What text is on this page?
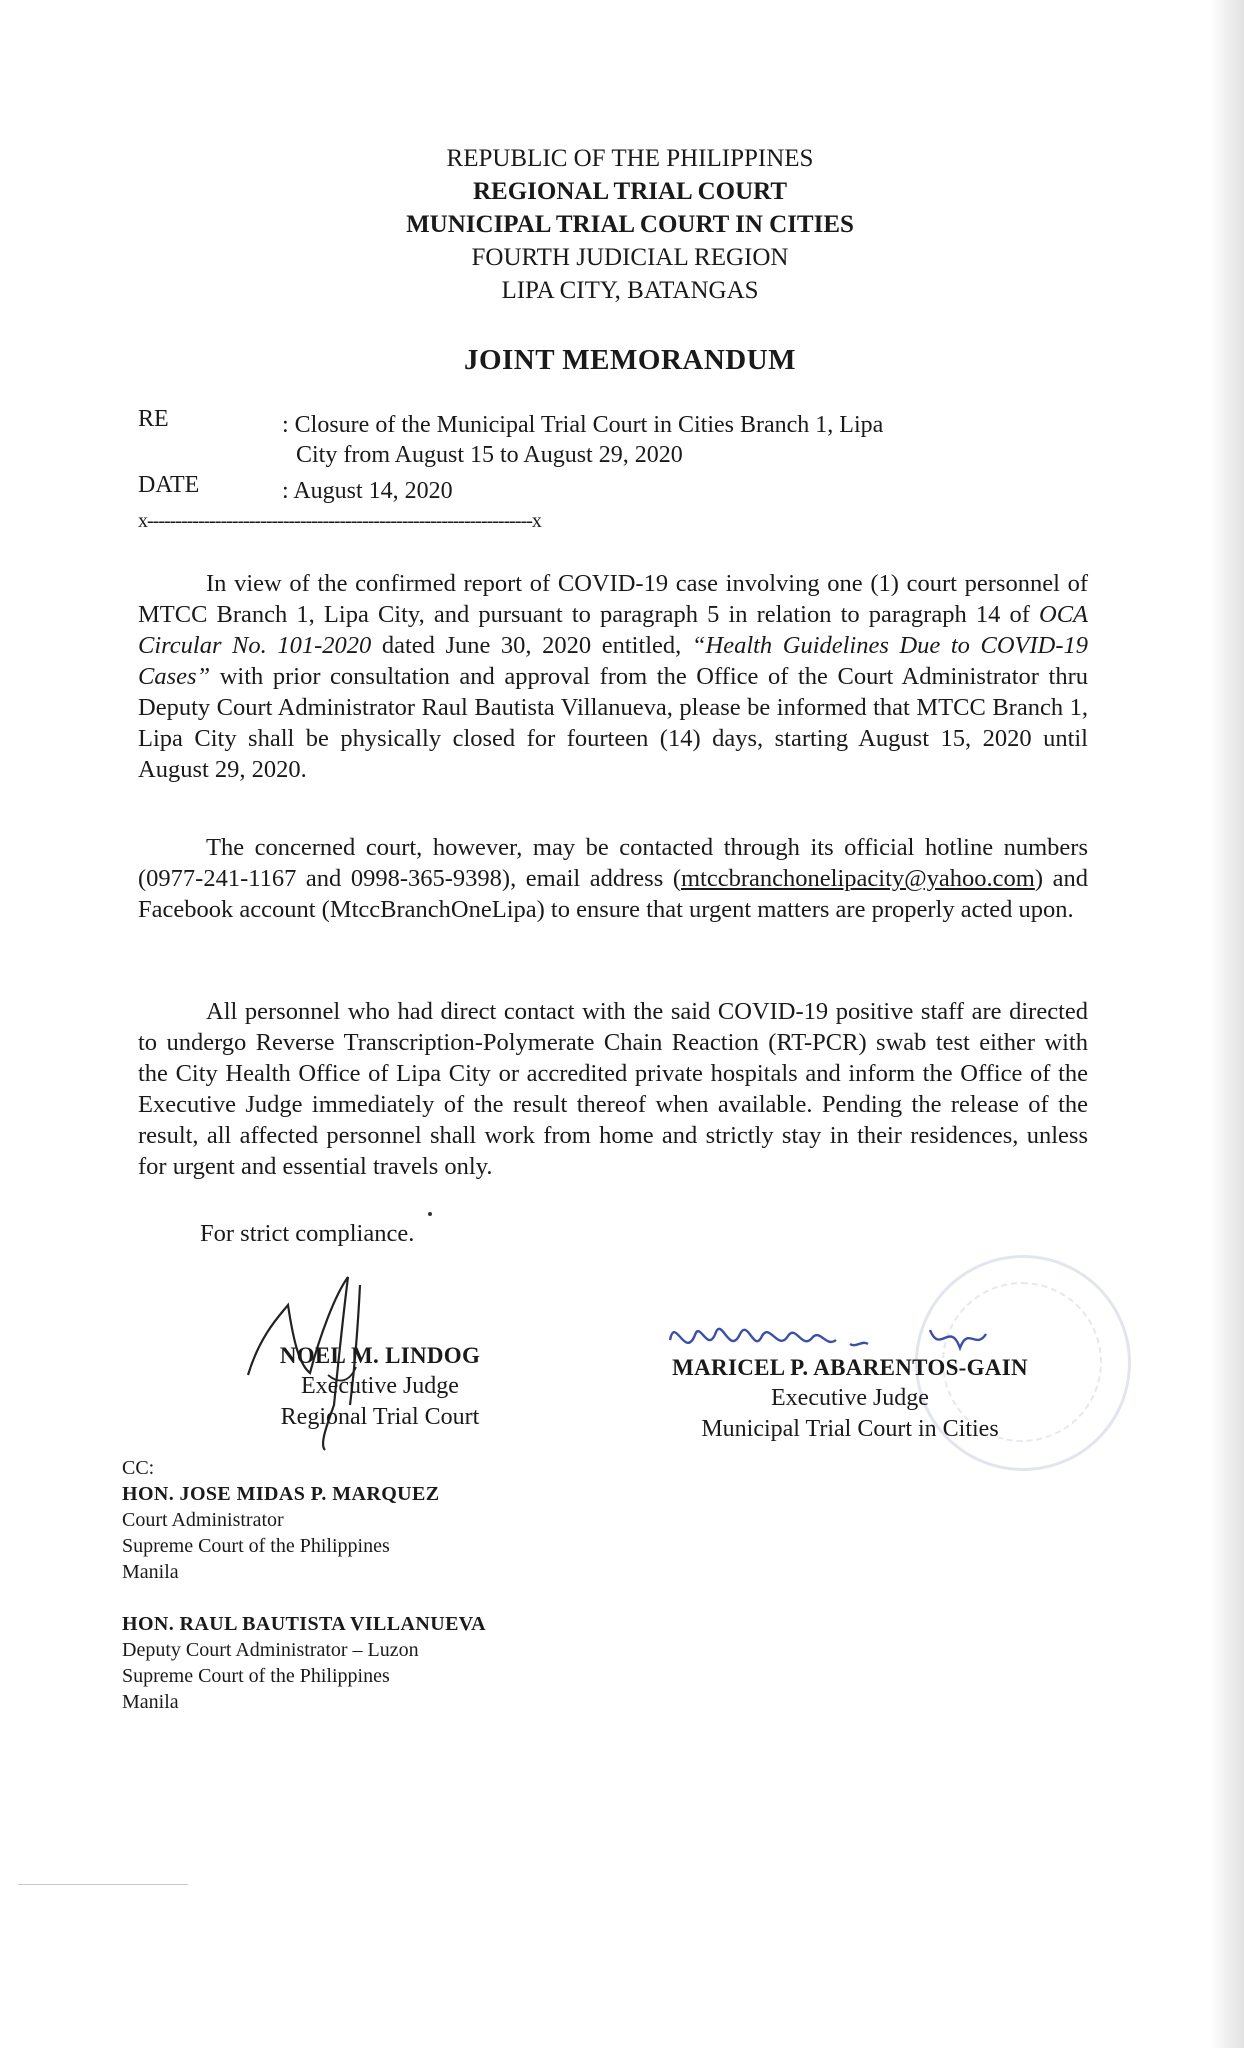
REPUBLIC OF THE PHILIPPINES
REGIONAL TRIAL COURT
MUNICIPAL TRIAL COURT IN CITIES
FOURTH JUDICIAL REGION
LIPA CITY, BATANGAS
JOINT MEMORANDUM
RE	: Closure of the Municipal Trial Court in Cities Branch 1, Lipa
City from August 15 to August 29, 2020
DATE	: August 14, 2020
x--------------------------------------------------------------------x
In view of the confirmed report of COVID-19 case involving one (1) court personnel of MTCC Branch 1, Lipa City, and pursuant to paragraph 5 in relation to paragraph 14 of OCA Circular No. 101-2020 dated June 30, 2020 entitled, “Health Guidelines Due to COVID-19 Cases” with prior consultation and approval from the Office of the Court Administrator thru Deputy Court Administrator Raul Bautista Villanueva, please be informed that MTCC Branch 1, Lipa City shall be physically closed for fourteen (14) days, starting August 15, 2020 until August 29, 2020.
The concerned court, however, may be contacted through its official hotline numbers (0977-241-1167 and 0998-365-9398), email address (mtccbranchonelipacity@yahoo.com) and Facebook account (MtccBranchOneLipa) to ensure that urgent matters are properly acted upon.
All personnel who had direct contact with the said COVID-19 positive staff are directed to undergo Reverse Transcription-Polymerate Chain Reaction (RT-PCR) swab test either with the City Health Office of Lipa City or accredited private hospitals and inform the Office of the Executive Judge immediately of the result thereof when available. Pending the release of the result, all affected personnel shall work from home and strictly stay in their residences, unless for urgent and essential travels only.
For strict compliance.
NOEL M. LINDOG
Executive Judge
Regional Trial Court
MARICEL P. ABARENTOS-GAIN
Executive Judge
Municipal Trial Court in Cities
CC:
HON. JOSE MIDAS P. MARQUEZ
Court Administrator
Supreme Court of the Philippines
Manila
HON. RAUL BAUTISTA VILLANUEVA
Deputy Court Administrator – Luzon
Supreme Court of the Philippines
Manila
